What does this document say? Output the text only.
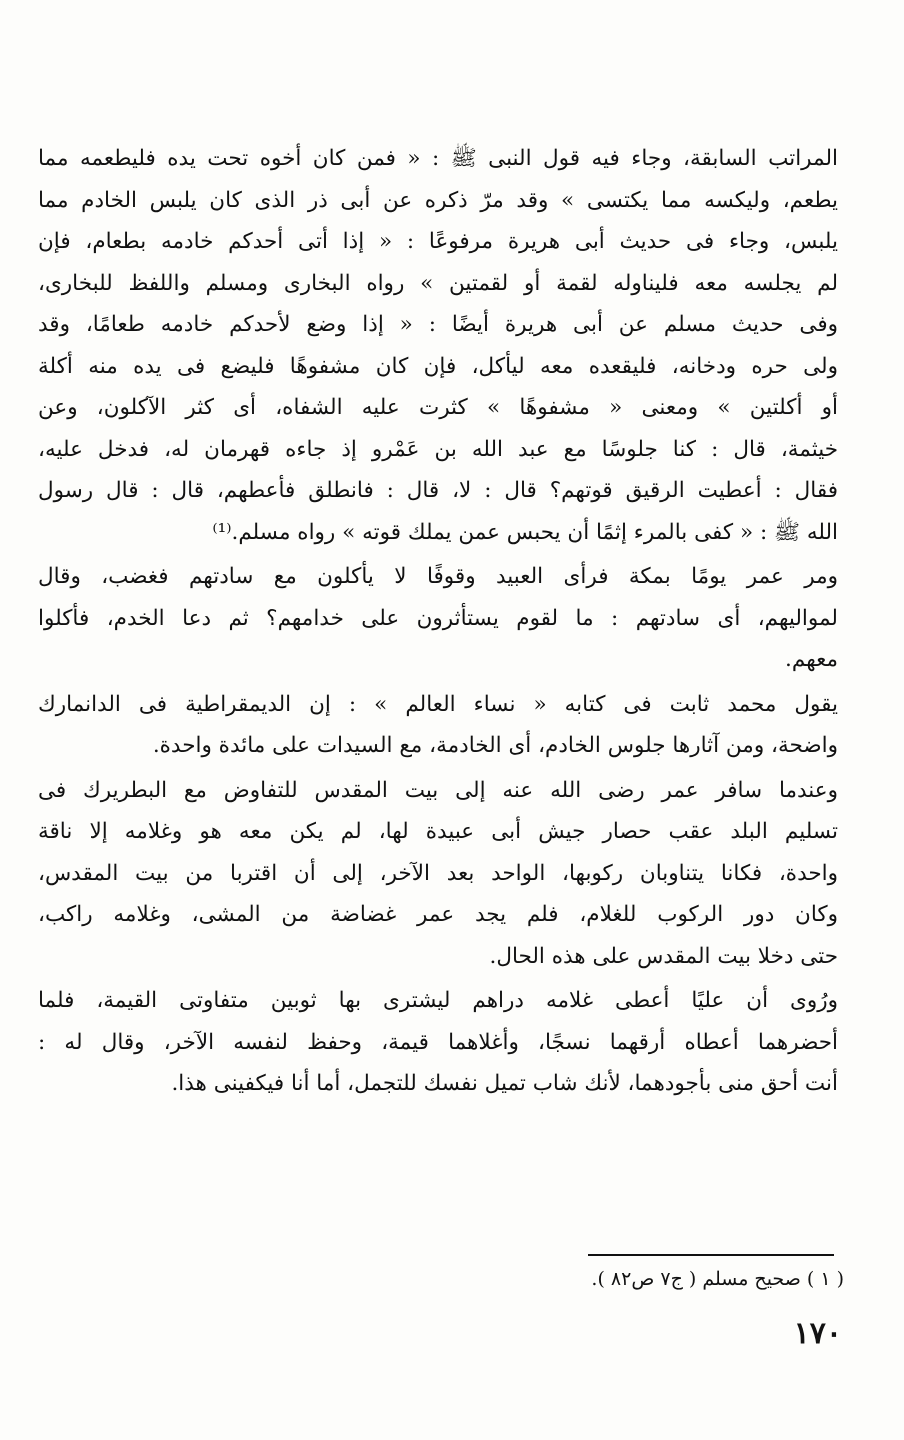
المراتب السابقة، وجاء فيه قول النبى ﷺ : « فمن كان أخوه تحت يده فليطعمه مما
يطعم، وليكسه مما يكتسى » وقد مرّ ذكره عن أبى ذر الذى كان يلبس الخادم مما
يلبس، وجاء فى حديث أبى هريرة مرفوعًا : « إذا أتى أحدكم خادمه بطعام، فإن
لم يجلسه معه فليناوله لقمة أو لقمتين » رواه البخارى ومسلم واللفظ للبخارى،
وفى حديث مسلم عن أبى هريرة أيضًا : « إذا وضع لأحدكم خادمه طعامًا، وقد
ولى حره ودخانه، فليقعده معه ليأكل، فإن كان مشفوهًا فليضع فى يده منه أكلة
أو أكلتين » ومعنى « مشفوهًا » كثرت عليه الشفاه، أى كثر الآكلون، وعن
خيثمة، قال : كنا جلوسًا مع عبد الله بن عَمْرو إذ جاءه قهرمان له، فدخل عليه،
فقال : أعطيت الرقيق قوتهم؟ قال : لا، قال : فانطلق فأعطهم، قال : قال رسول
الله ﷺ : « كفى بالمرء إثمًا أن يحبس عمن يملك قوته » رواه مسلم.⁽¹⁾

ومر عمر يومًا بمكة فرأى العبيد وقوفًا لا يأكلون مع سادتهم فغضب، وقال
لمواليهم، أى سادتهم : ما لقوم يستأثرون على خدامهم؟ ثم دعا الخدم، فأكلوا
معهم.

يقول محمد ثابت فى كتابه « نساء العالم » : إن الديمقراطية فى الدانمارك
واضحة، ومن آثارها جلوس الخادم، أى الخادمة، مع السيدات على مائدة واحدة.

وعندما سافر عمر رضى الله عنه إلى بيت المقدس للتفاوض مع البطريرك فى
تسليم البلد عقب حصار جيش أبى عبيدة لها، لم يكن معه هو وغلامه إلا ناقة
واحدة، فكانا يتناوبان ركوبها، الواحد بعد الآخر، إلى أن اقتربا من بيت المقدس،
وكان دور الركوب للغلام، فلم يجد عمر غضاضة من المشى، وغلامه راكب،
حتى دخلا بيت المقدس على هذه الحال.

ورُوى أن عليًا أعطى غلامه دراهم ليشترى بها ثوبين متفاوتى القيمة، فلما
أحضرهما أعطاه أرقهما نسجًا، وأغلاهما قيمة، وحفظ لنفسه الآخر، وقال له :
أنت أحق منى بأجودهما، لأنك شاب تميل نفسك للتجمل، أما أنا فيكفينى هذا.

( ١ ) صحيح مسلم ( ج٧ ص٨٢ ).
١٧٠
